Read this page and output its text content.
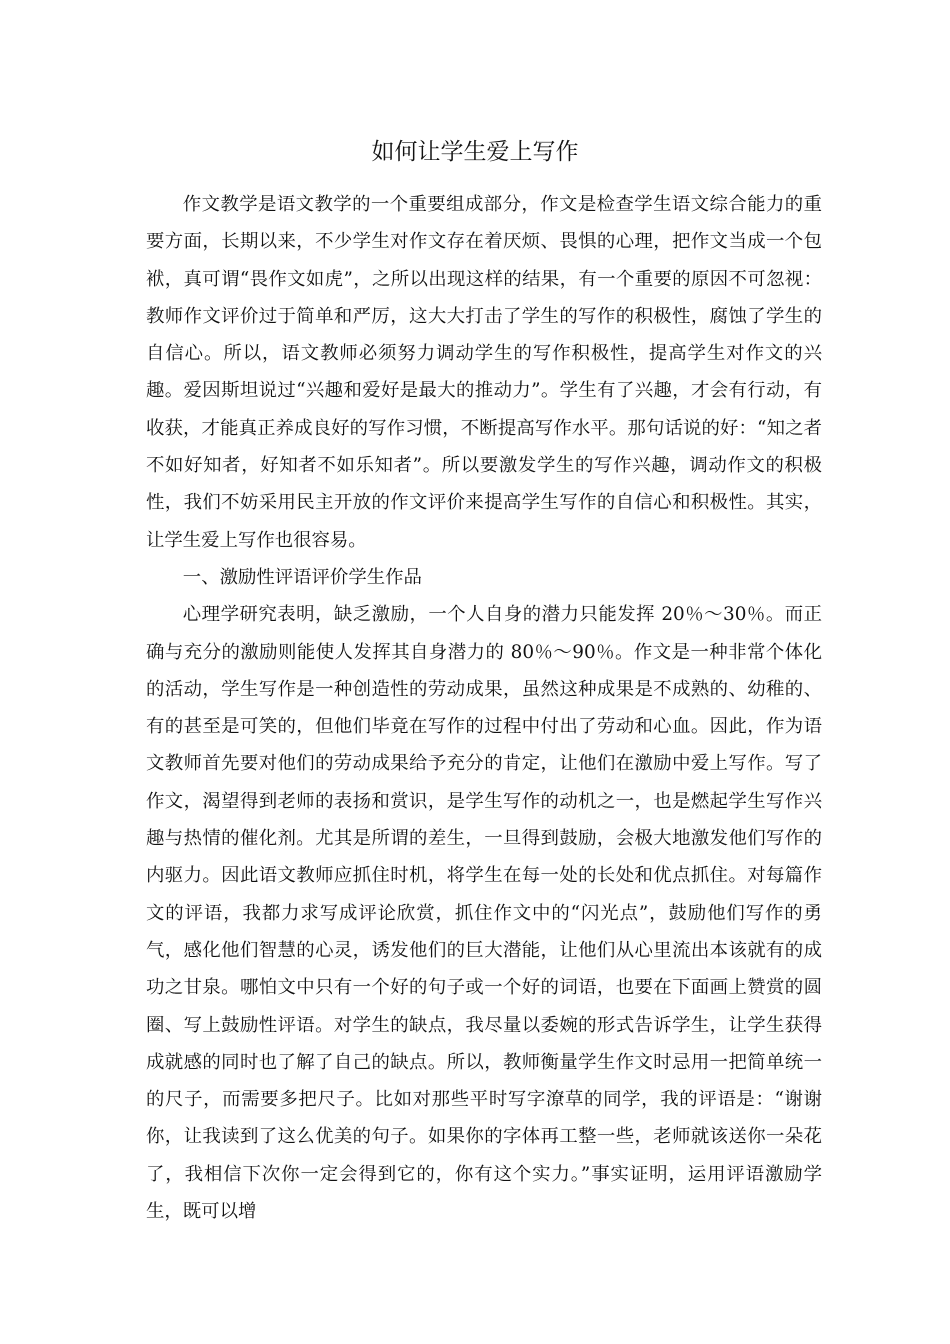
如何让学生爱上写作

作文教学是语文教学的一个重要组成部分，作文是检查学生语文综合能力的重要方面，长期以来，不少学生对作文存在着厌烦、畏惧的心理，把作文当成一个包袱，真可谓“畏作文如虎”，之所以出现这样的结果，有一个重要的原因不可忽视：教师作文评价过于简单和严厉，这大大打击了学生的写作的积极性，腐蚀了学生的自信心。所以，语文教师必须努力调动学生的写作积极性，提高学生对作文的兴趣。爱因斯坦说过“兴趣和爱好是最大的推动力”。学生有了兴趣，才会有行动，有收获，才能真正养成良好的写作习惯，不断提高写作水平。那句话说的好：“知之者不如好知者，好知者不如乐知者”。所以要激发学生的写作兴趣，调动作文的积极性，我们不妨采用民主开放的作文评价来提高学生写作的自信心和积极性。其实，让学生爱上写作也很容易。

一、激励性评语评价学生作品

心理学研究表明，缺乏激励，一个人自身的潜力只能发挥 20％～30％。而正确与充分的激励则能使人发挥其自身潜力的 80％～90％。作文是一种非常个体化的活动，学生写作是一种创造性的劳动成果，虽然这种成果是不成熟的、幼稚的、有的甚至是可笑的，但他们毕竟在写作的过程中付出了劳动和心血。因此，作为语文教师首先要对他们的劳动成果给予充分的肯定，让他们在激励中爱上写作。写了作文，渴望得到老师的表扬和赏识，是学生写作的动机之一，也是燃起学生写作兴趣与热情的催化剂。尤其是所谓的差生，一旦得到鼓励，会极大地激发他们写作的内驱力。因此语文教师应抓住时机，将学生在每一处的长处和优点抓住。对每篇作文的评语，我都力求写成评论欣赏，抓住作文中的“闪光点”，鼓励他们写作的勇气，感化他们智慧的心灵，诱发他们的巨大潜能，让他们从心里流出本该就有的成功之甘泉。哪怕文中只有一个好的句子或一个好的词语，也要在下面画上赞赏的圆圈、写上鼓励性评语。对学生的缺点，我尽量以委婉的形式告诉学生，让学生获得成就感的同时也了解了自己的缺点。所以，教师衡量学生作文时忌用一把简单统一的尺子，而需要多把尺子。比如对那些平时写字潦草的同学，我的评语是：“谢谢你，让我读到了这么优美的句子。如果你的字体再工整一些，老师就该送你一朵花了，我相信下次你一定会得到它的，你有这个实力。”事实证明，运用评语激励学生，既可以增
